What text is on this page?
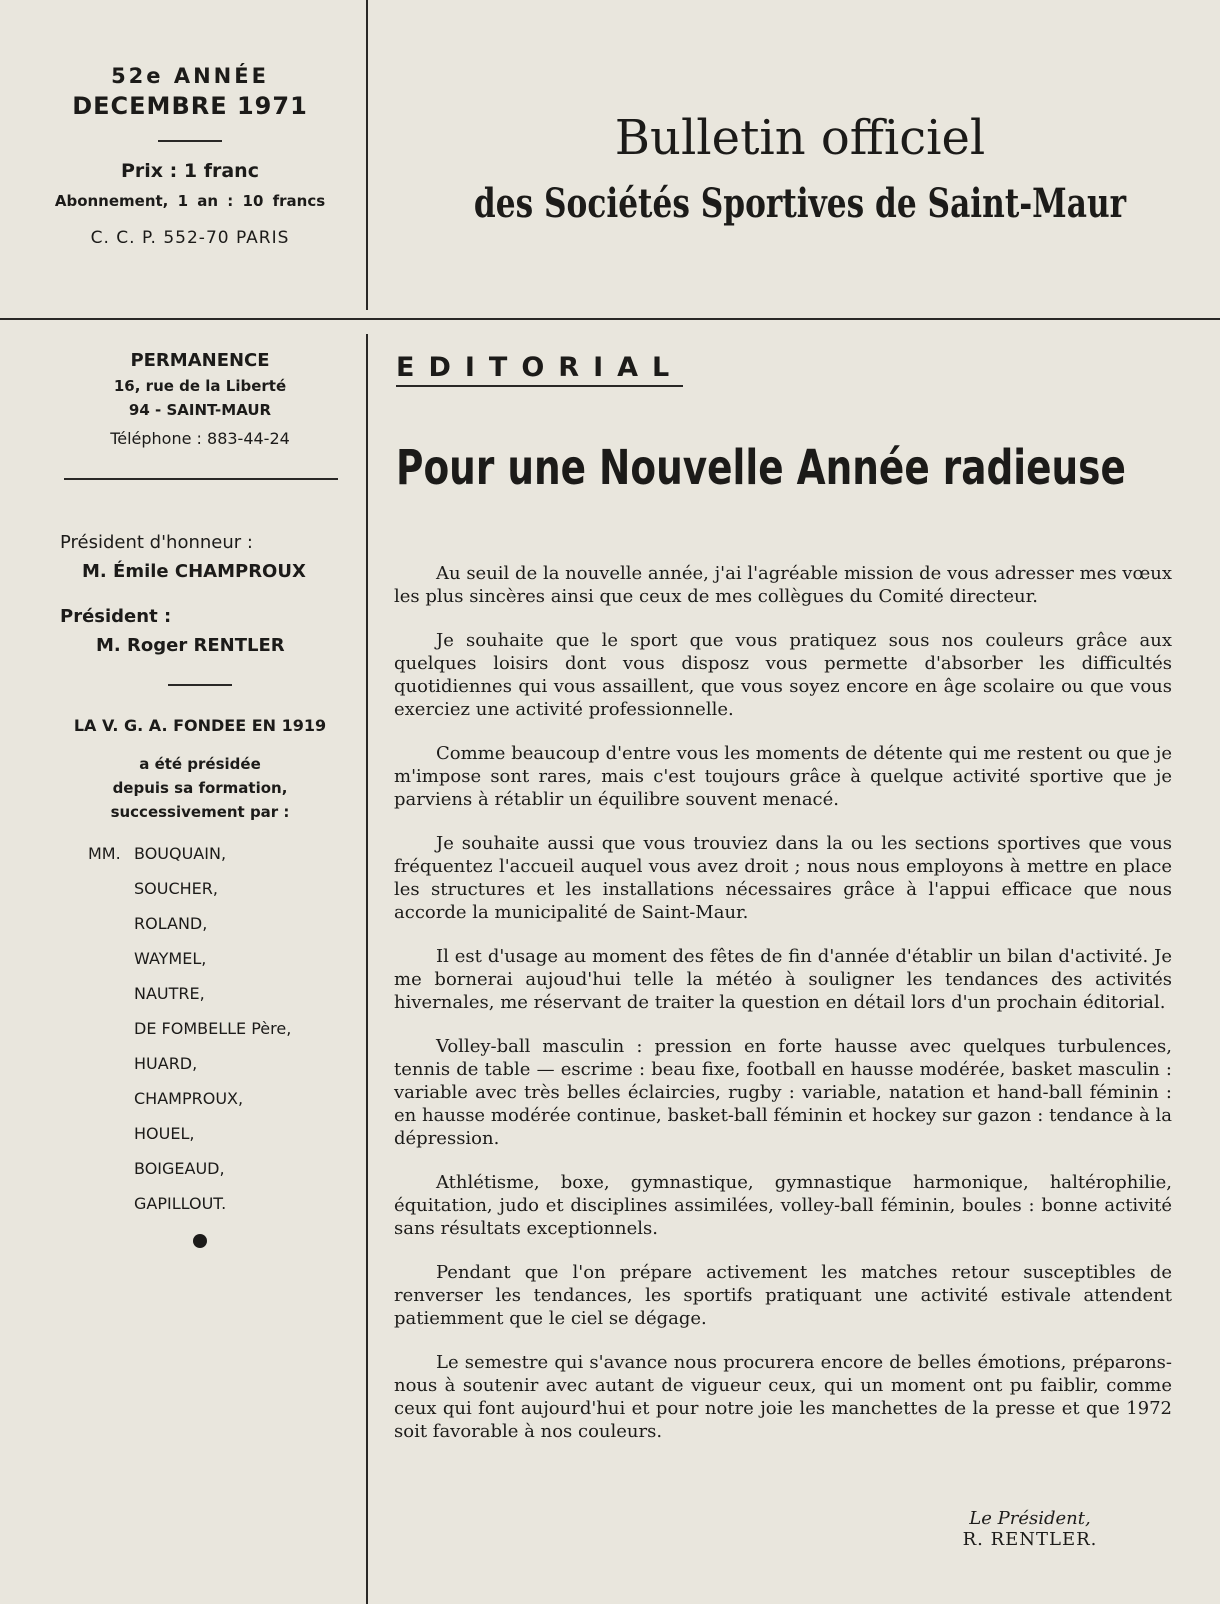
52e ANNÉE
DECEMBRE 1971
Prix : 1 franc
Abonnement, 1 an : 10 francs
C. C. P. 552-70 PARIS
Bulletin officiel
des Sociétés Sportives de Saint-Maur
PERMANENCE
16, rue de la Liberté
94 - SAINT-MAUR
Téléphone : 883-44-24
Président d'honneur :
M. Émile CHAMPROUX
Président :
M. Roger RENTLER
LA V. G. A. FONDEE EN 1919
a été présidée
depuis sa formation,
successivement par :
MM. BOUQUAIN,
SOUCHER,
ROLAND,
WAYMEL,
NAUTRE,
DE FOMBELLE Père,
HUARD,
CHAMPROUX,
HOUEL,
BOIGEAUD,
GAPILLOUT.
EDITORIAL
Pour une Nouvelle Année radieuse

Au seuil de la nouvelle année, j'ai l'agréable mission de vous adresser mes vœux les plus sincères ainsi que ceux de mes collègues du Comité directeur.

Je souhaite que le sport que vous pratiquez sous nos couleurs grâce aux quelques loisirs dont vous disposz vous permette d'absorber les difficultés quotidiennes qui vous assaillent, que vous soyez encore en âge scolaire ou que vous exerciez une activité professionnelle.

Comme beaucoup d'entre vous les moments de détente qui me restent ou que je m'impose sont rares, mais c'est toujours grâce à quelque activité sportive que je parviens à rétablir un équilibre souvent menacé.

Je souhaite aussi que vous trouviez dans la ou les sections sportives que vous fréquentez l'accueil auquel vous avez droit ; nous nous employons à mettre en place les structures et les installations nécessaires grâce à l'appui efficace que nous accorde la municipalité de Saint-Maur.

Il est d'usage au moment des fêtes de fin d'année d'établir un bilan d'activité. Je me bornerai aujoud'hui telle la météo à souligner les tendances des activités hivernales, me réservant de traiter la question en détail lors d'un prochain éditorial.

Volley-ball masculin : pression en forte hausse avec quelques turbulences, tennis de table — escrime : beau fixe, football en hausse modérée, basket masculin : variable avec très belles éclaircies, rugby : variable, natation et hand-ball féminin : en hausse modérée continue, basket-ball féminin et hockey sur gazon : tendance à la dépression.

Athlétisme, boxe, gymnastique, gymnastique harmonique, haltérophilie, équitation, judo et disciplines assimilées, volley-ball féminin, boules : bonne activité sans résultats exceptionnels.

Pendant que l'on prépare activement les matches retour susceptibles de renverser les tendances, les sportifs pratiquant une activité estivale attendent patiemment que le ciel se dégage.

Le semestre qui s'avance nous procurera encore de belles émotions, préparons-nous à soutenir avec autant de vigueur ceux, qui un moment ont pu faiblir, comme ceux qui font aujourd'hui et pour notre joie les manchettes de la presse et que 1972 soit favorable à nos couleurs.

Le Président,
R. RENTLER.
